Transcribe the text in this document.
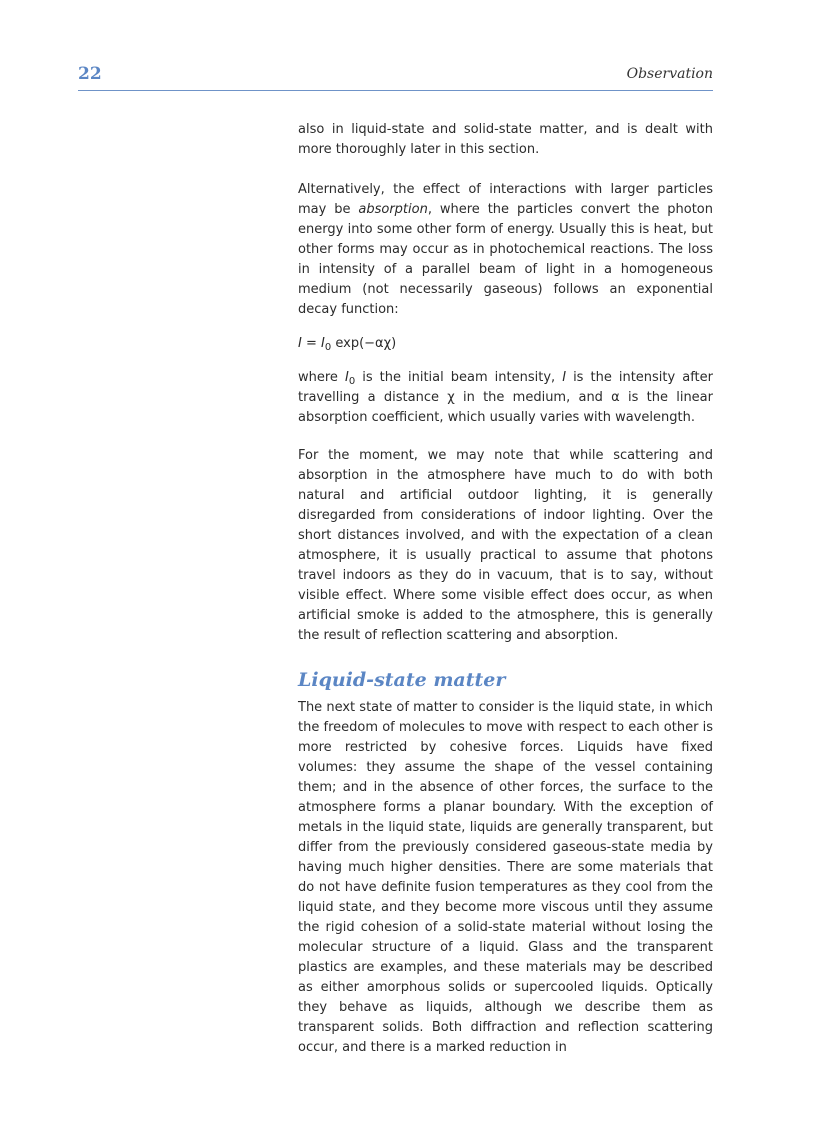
22	Observation

also in liquid-state and solid-state matter, and is dealt with more thoroughly later in this section.

Alternatively, the effect of interactions with larger particles may be absorption, where the particles convert the photon energy into some other form of energy. Usually this is heat, but other forms may occur as in photochemical reactions. The loss in intensity of a parallel beam of light in a homogeneous medium (not necessarily gaseous) follows an exponential decay function:

$I = I_0$ exp(−αχ)

where $I_0$ is the initial beam intensity, I is the intensity after travelling a distance χ in the medium, and α is the linear absorption coefficient, which usually varies with wavelength.

For the moment, we may note that while scattering and absorption in the atmosphere have much to do with both natural and artificial outdoor lighting, it is generally disregarded from considerations of indoor lighting. Over the short distances involved, and with the expectation of a clean atmosphere, it is usually practical to assume that photons travel indoors as they do in vacuum, that is to say, without visible effect. Where some visible effect does occur, as when artificial smoke is added to the atmosphere, this is generally the result of reflection scattering and absorption.

Liquid-state matter

The next state of matter to consider is the liquid state, in which the freedom of molecules to move with respect to each other is more restricted by cohesive forces. Liquids have fixed volumes: they assume the shape of the vessel containing them; and in the absence of other forces, the surface to the atmosphere forms a planar boundary. With the exception of metals in the liquid state, liquids are generally transparent, but differ from the previously considered gaseous-state media by having much higher densities. There are some materials that do not have definite fusion temperatures as they cool from the liquid state, and they become more viscous until they assume the rigid cohesion of a solid-state material without losing the molecular structure of a liquid. Glass and the transparent plastics are examples, and these materials may be described as either amorphous solids or supercooled liquids. Optically they behave as liquids, although we describe them as transparent solids. Both diffraction and reflection scattering occur, and there is a marked reduction in
